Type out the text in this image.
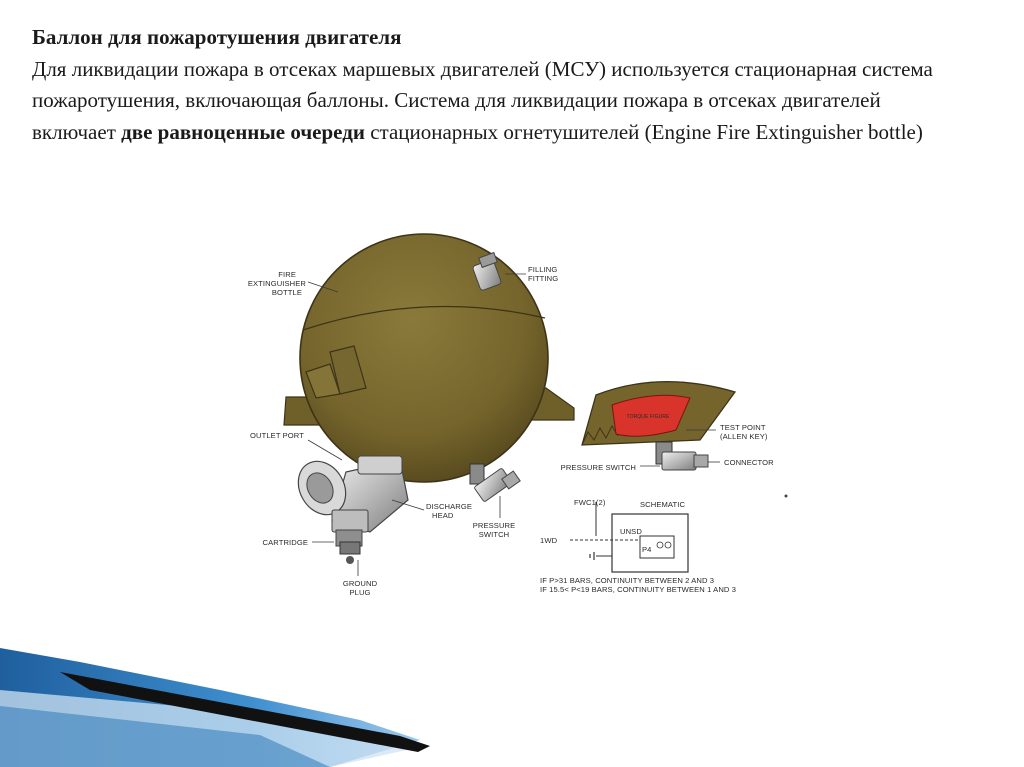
Баллон для пожаротушения двигателя
Для ликвидации пожара в отсеках маршевых двигателей (МСУ) используется стационарная система пожаротушения, включающая баллоны. Система для ликвидации пожара в отсеках двигателей включает две равноценные очереди стационарных огнетушителей (Engine Fire Extinguisher bottle)
TORQUE FIGURE
FIRE
EXTINGUISHER
BOTTLE
FILLING
FITTING
OUTLET PORT
DISCHARGE
HEAD
CARTRIDGE
PRESSURE
SWITCH
GROUND
PLUG
TEST POINT
(ALLEN KEY)
PRESSURE SWITCH
CONNECTOR
FWC1(2)	SCHEMATIC
UNSD
1WD
P4
IF P>31 BARS, CONTINUITY BETWEEN 2 AND 3
IF 15.5< P<19 BARS, CONTINUITY BETWEEN 1 AND 3
